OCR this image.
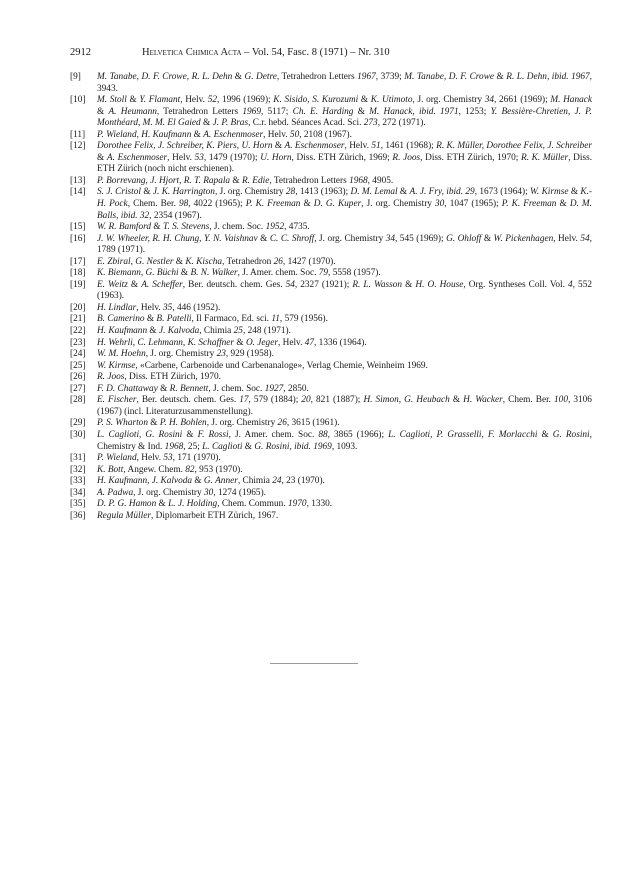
2912	Helvetica Chimica Acta – Vol. 54, Fasc. 8 (1971) – Nr. 310
[9] M. Tanabe, D. F. Crowe, R. L. Dehn & G. Detre, Tetrahedron Letters 1967, 3739; M. Tanabe, D. F. Crowe & R. L. Dehn, ibid. 1967, 3943.
[10] M. Stoll & Y. Flamant, Helv. 52, 1996 (1969); K. Sisido, S. Kurozumi & K. Utimoto, J. org. Chemistry 34, 2661 (1969); M. Hanack & A. Heumann, Tetrahedron Letters 1969, 5117; Ch. E. Harding & M. Hanack, ibid. 1971, 1253; Y. Bessière-Chretien, J. P. Monthéard, M. M. El Gaied & J. P. Bras, C.r. hebd. Séances Acad. Sci. 273, 272 (1971).
[11] P. Wieland, H. Kaufmann & A. Eschenmoser, Helv. 50, 2108 (1967).
[12] Dorothee Felix, J. Schreiber, K. Piers, U. Horn & A. Eschenmoser, Helv. 51, 1461 (1968); R. K. Müller, Dorothee Felix, J. Schreiber & A. Eschenmoser, Helv. 53, 1479 (1970); U. Horn, Diss. ETH Zürich, 1969; R. Joos, Diss. ETH Zürich, 1970; R. K. Müller, Diss. ETH Zürich (noch nicht erschienen).
[13] P. Borrevang, J. Hjort, R. T. Rapala & R. Edie, Tetrahedron Letters 1968, 4905.
[14] S. J. Cristol & J. K. Harrington, J. org. Chemistry 28, 1413 (1963); D. M. Lemal & A. J. Fry, ibid. 29, 1673 (1964); W. Kirmse & K.-H. Pock, Chem. Ber. 98, 4022 (1965); P. K. Freeman & D. G. Kuper, J. org. Chemistry 30, 1047 (1965); P. K. Freeman & D. M. Balls, ibid. 32, 2354 (1967).
[15] W. R. Bamford & T. S. Stevens, J. chem. Soc. 1952, 4735.
[16] J. W. Wheeler, R. H. Chung, Y. N. Vaishnav & C. C. Shroff, J. org. Chemistry 34, 545 (1969); G. Ohloff & W. Pickenhagen, Helv. 54, 1789 (1971).
[17] E. Zbiral, G. Nestler & K. Kischa, Tetrahedron 26, 1427 (1970).
[18] K. Biemann, G. Büchi & B. N. Walker, J. Amer. chem. Soc. 79, 5558 (1957).
[19] E. Weitz & A. Scheffer, Ber. deutsch. chem. Ges. 54, 2327 (1921); R. L. Wasson & H. O. House, Org. Syntheses Coll. Vol. 4, 552 (1963).
[20] H. Lindlar, Helv. 35, 446 (1952).
[21] B. Camerino & B. Patelli, Il Farmaco, Ed. sci. 11, 579 (1956).
[22] H. Kaufmann & J. Kalvoda, Chimia 25, 248 (1971).
[23] H. Wehrli, C. Lehmann, K. Schaffner & O. Jeger, Helv. 47, 1336 (1964).
[24] W. M. Hoehn, J. org. Chemistry 23, 929 (1958).
[25] W. Kirmse, «Carbene, Carbenoide und Carbenanaloge», Verlag Chemie, Weinheim 1969.
[26] R. Joos, Diss. ETH Zürich, 1970.
[27] F. D. Chattaway & R. Bennett, J. chem. Soc. 1927, 2850.
[28] E. Fischer, Ber. deutsch. chem. Ges. 17, 579 (1884); 20, 821 (1887); H. Simon, G. Heubach & H. Wacker, Chem. Ber. 100, 3106 (1967) (incl. Literaturzusammenstellung).
[29] P. S. Wharton & P. H. Bohlen, J. org. Chemistry 26, 3615 (1961).
[30] L. Caglioti, G. Rosini & F. Rossi, J. Amer. chem. Soc. 88, 3865 (1966); L. Caglioti, P. Grasselli, F. Morlacchi & G. Rosini, Chemistry & Ind. 1968, 25; L. Caglioti & G. Rosini, ibid. 1969, 1093.
[31] P. Wieland, Helv. 53, 171 (1970).
[32] K. Bott, Angew. Chem. 82, 953 (1970).
[33] H. Kaufmann, J. Kalvoda & G. Anner, Chimia 24, 23 (1970).
[34] A. Padwa, J. org. Chemistry 30, 1274 (1965).
[35] D. P. G. Hamon & L. J. Holding, Chem. Commun. 1970, 1330.
[36] Regula Müller, Diplomarbeit ETH Zürich, 1967.
